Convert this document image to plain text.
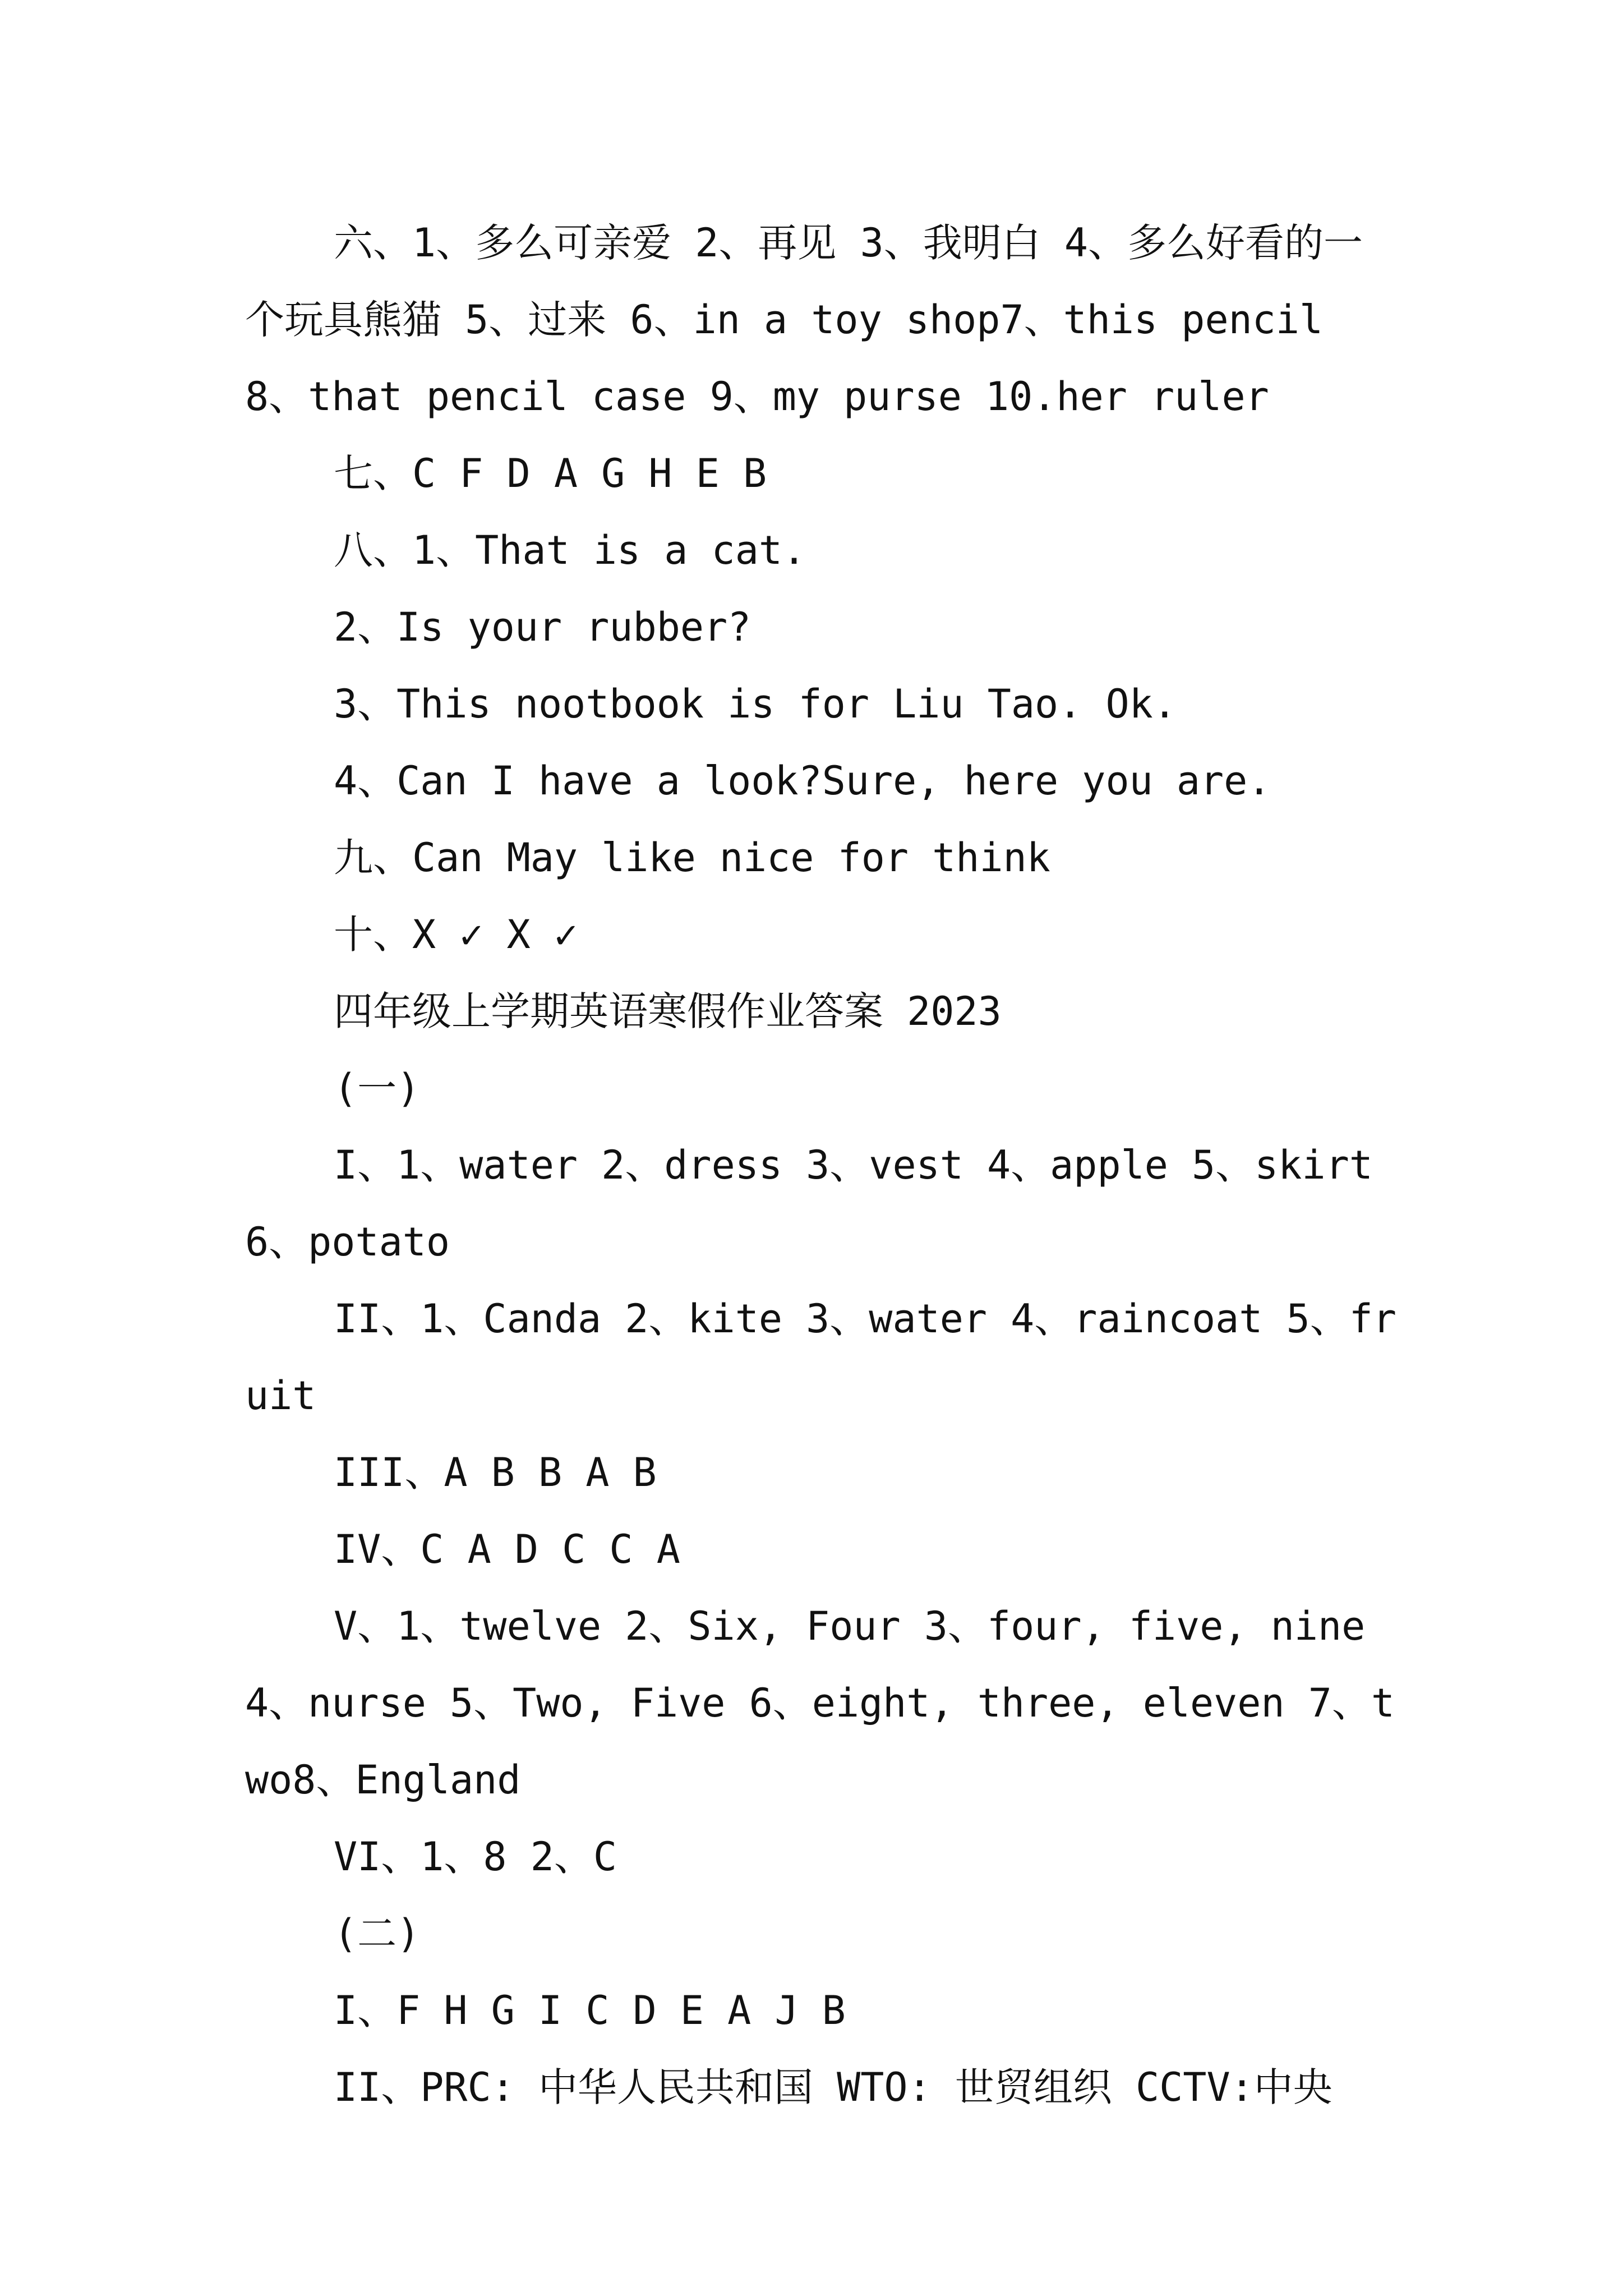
六、1、多么可亲爱 2、再见 3、我明白 4、多么好看的一个玩具熊猫 5、过来 6、in a toy shop7、this pencil 8、that pencil case 9、my purse 10.her ruler

七、C F D A G H E B

八、1、That is a cat.

2、Is your rubber?

3、This nootbook is for Liu Tao. Ok.

4、Can I have a look?Sure, here you are.

九、Can May like nice for think

十、X ✓ X ✓

四年级上学期英语寒假作业答案 2023

(一)

I、1、water 2、dress 3、vest 4、apple 5、skirt 6、potato

II、1、Canda 2、kite 3、water 4、raincoat 5、fruit

III、A B B A B

IV、C A D C C A

V、1、twelve 2、Six, Four 3、four, five, nine 4、nurse 5、Two, Five 6、eight, three, eleven 7、two8、England

VI、1、8 2、C

(二)

I、F H G I C D E A J B

II、PRC: 中华人民共和国 WTO: 世贸组织 CCTV:中央
